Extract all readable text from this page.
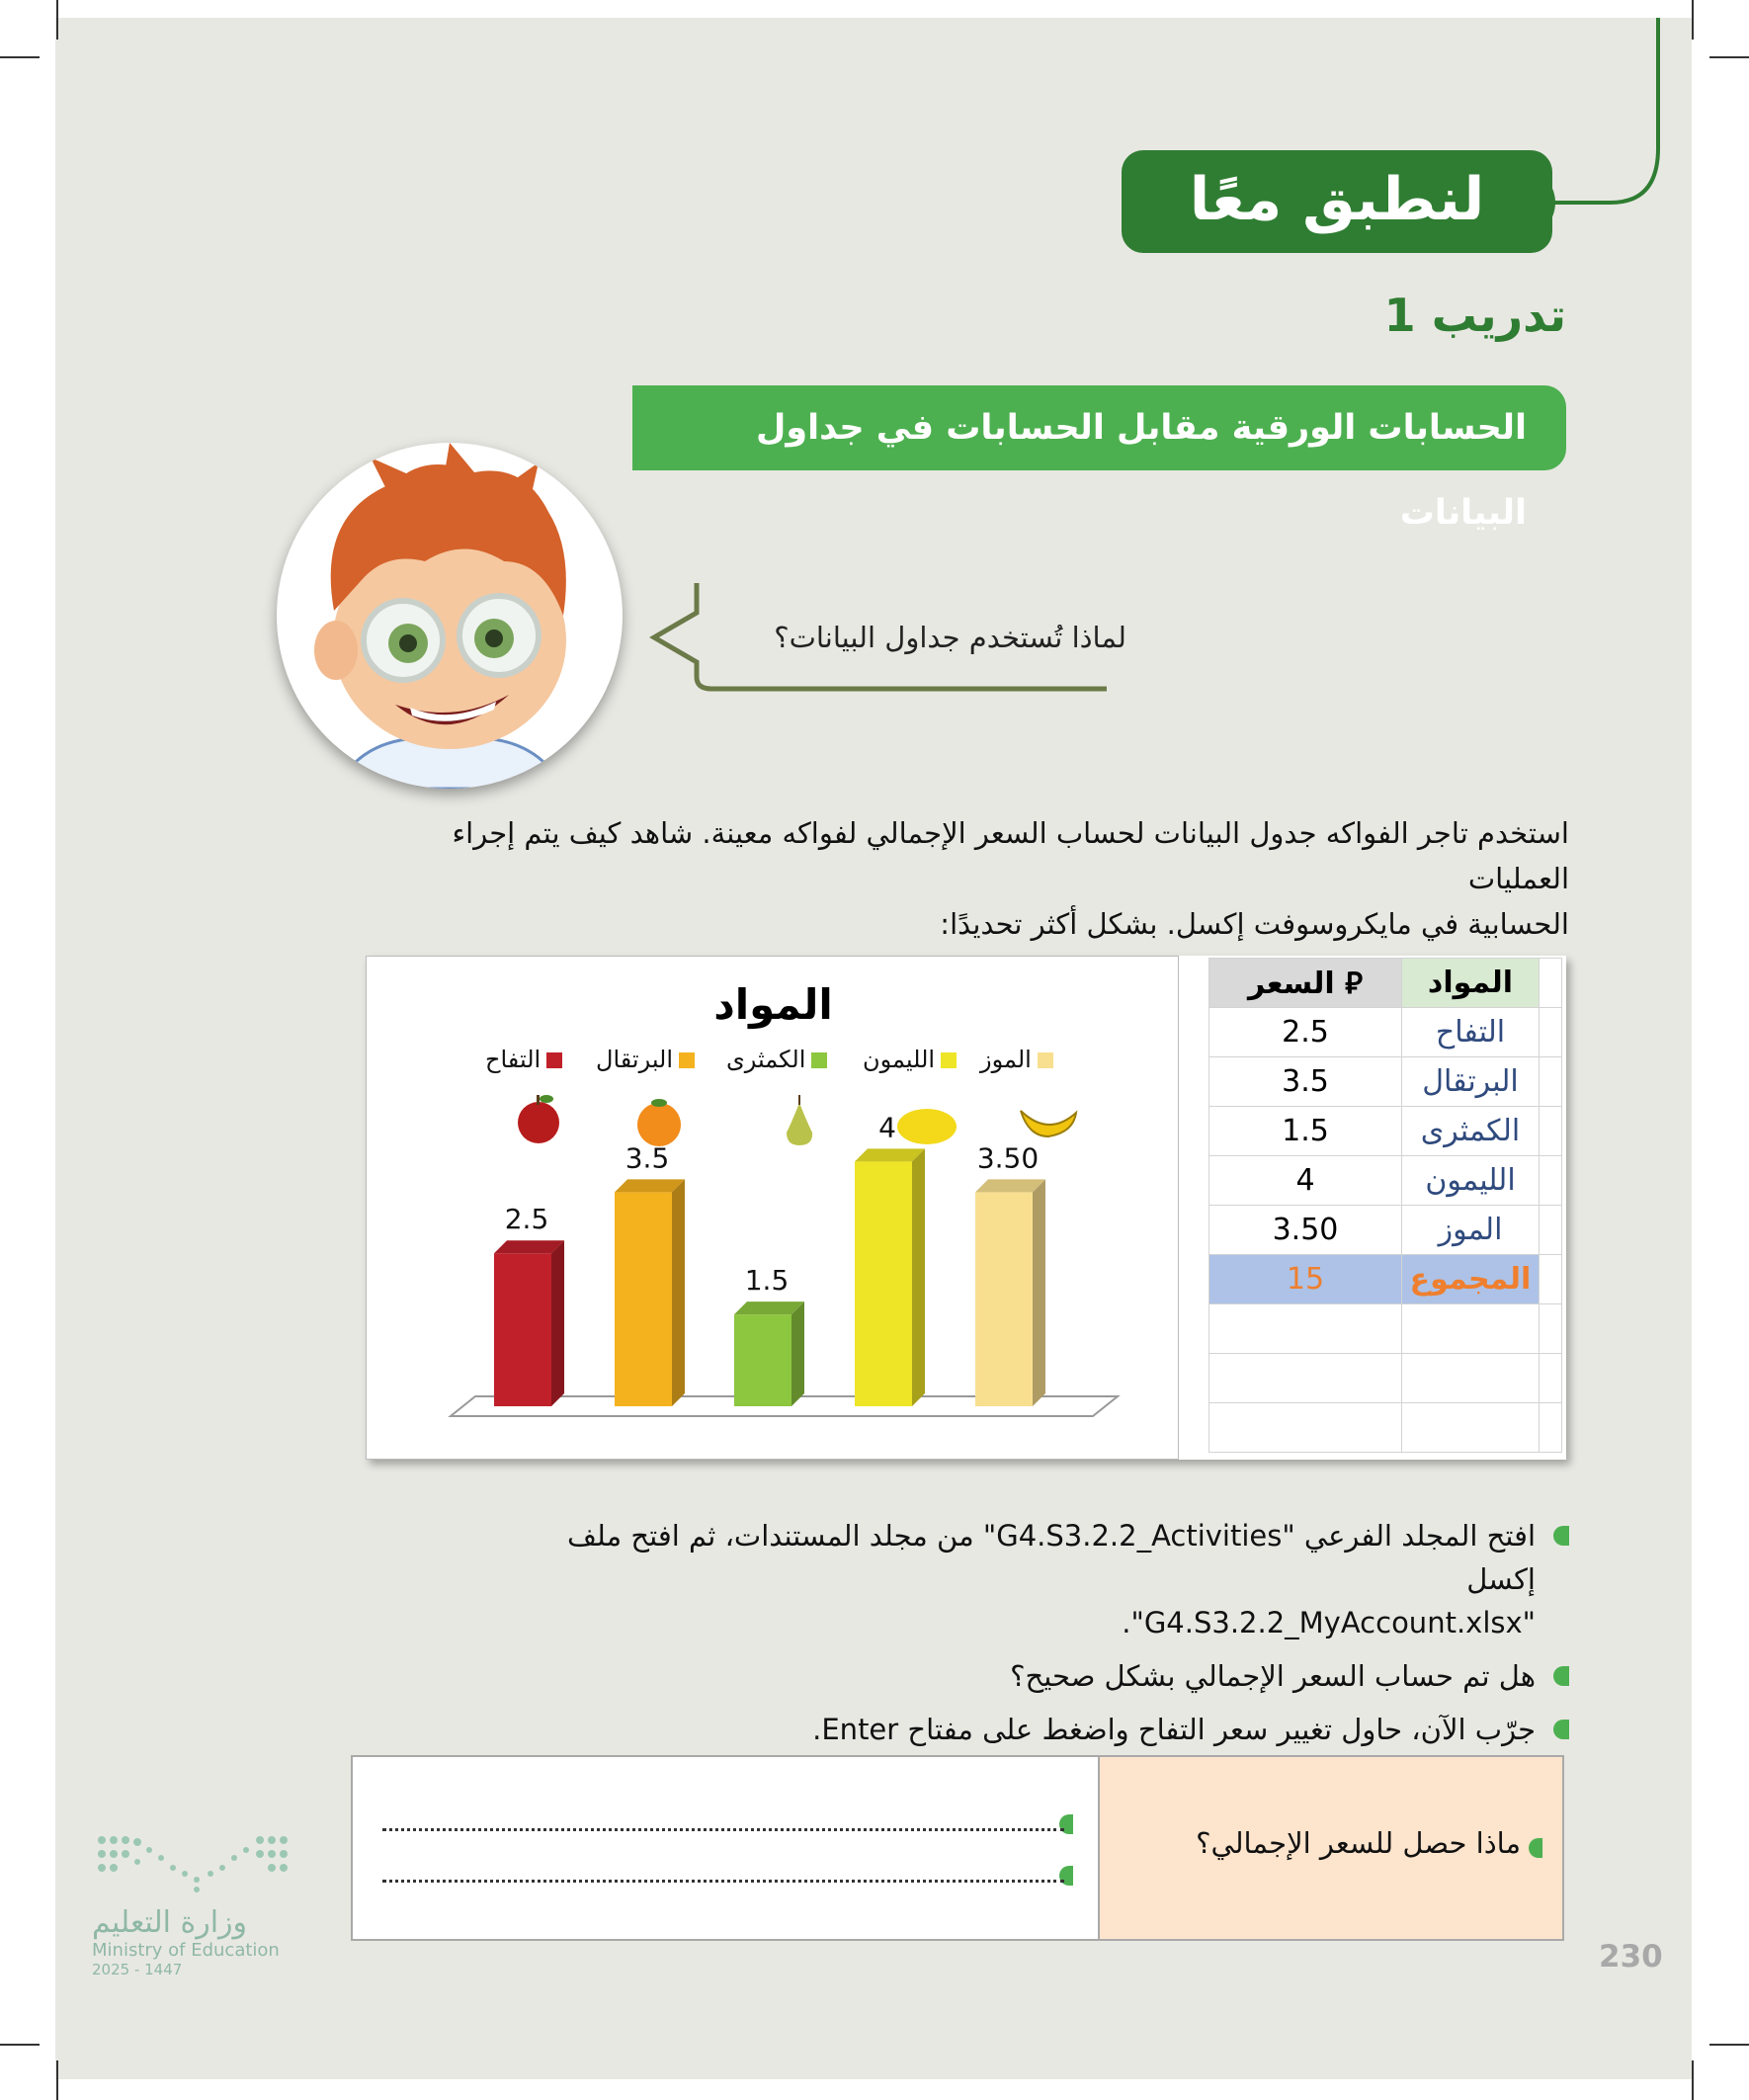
لنطبق معًا
تدريب 1
الحسابات الورقية مقابل الحسابات في جداول البيانات
لماذا تُستخدم جداول البيانات؟
استخدم تاجر الفواكه جدول البيانات لحساب السعر الإجمالي لفواكه معينة. شاهد كيف يتم إجراء العمليات
الحسابية في مايكروسوفت إكسل. بشكل أكثر تحديدًا:
المواد
الموز
الليمون
الكمثرى
البرتقال
التفاح
2.5
3.5
1.5
4
3.50
السعر ⃁	المواد	
2.5	التفاح	
3.5	البرتقال	
1.5	الكمثرى	
4	الليمون	
3.50	الموز	
15	المجموع	

افتح المجلد الفرعي "G4.S3.2.2_Activities" من مجلد المستندات، ثم افتح ملف إكسل
"G4.S3.2.2_MyAccount.xlsx".
هل تم حساب السعر الإجمالي بشكل صحيح؟
جرّب الآن، حاول تغيير سعر التفاح واضغط على مفتاح Enter.
ماذا حصل للسعر الإجمالي؟
وزارة التعليم
Ministry of Education
2025 - 1447	230
